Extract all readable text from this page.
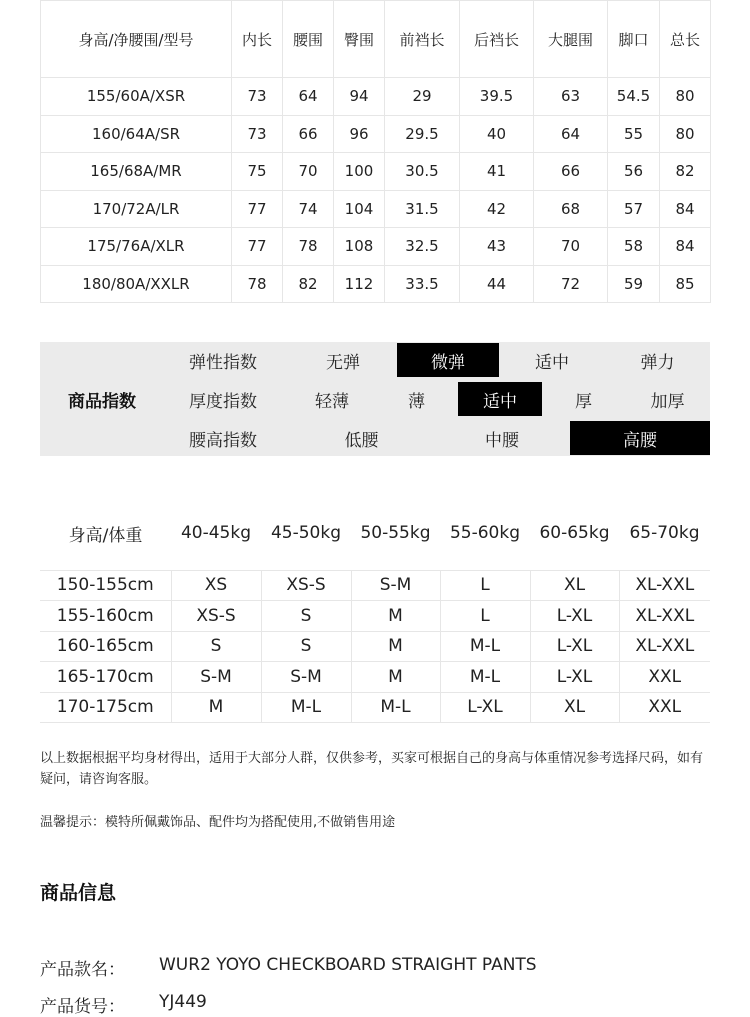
身高/净腰围/型号	内长	腰围	臀围	前裆长	后裆长	大腿围	脚口	总长
155/60A/XSR	73	64	94	29	39.5	63	54.5	80
160/64A/SR	73	66	96	29.5	40	64	55	80
165/68A/MR	75	70	100	30.5	41	66	56	82
170/72A/LR	77	74	104	31.5	42	68	57	84
175/76A/XLR	77	78	108	32.5	43	70	58	84
180/80A/XXLR	78	82	112	33.5	44	72	59	85
商品指数
弹性指数	无弹	微弹	适中	弹力
厚度指数	轻薄	薄	适中	厚	加厚
腰高指数	低腰	中腰	高腰
身高/体重	40-45kg	45-50kg	50-55kg	55-60kg	60-65kg	65-70kg

150-155cm	XS	XS-S	S-M	L	XL	XL-XXL
155-160cm	XS-S	S	M	L	L-XL	XL-XXL
160-165cm	S	S	M	M-L	L-XL	XL-XXL
165-170cm	S-M	S-M	M	M-L	L-XL	XXL
170-175cm	M	M-L	M-L	L-XL	XL	XXL

以上数据根据平均身材得出，适用于大部分人群，仅供参考，买家可根据自己的身高与体重情况参考选择尺码，如有疑问，请咨询客服。

温馨提示：模特所佩戴饰品、配件均为搭配使用,不做销售用途

商品信息
产品款名： WUR2 YOYO CHECKBOARD STRAIGHT PANTS
产品货号： YJ449
